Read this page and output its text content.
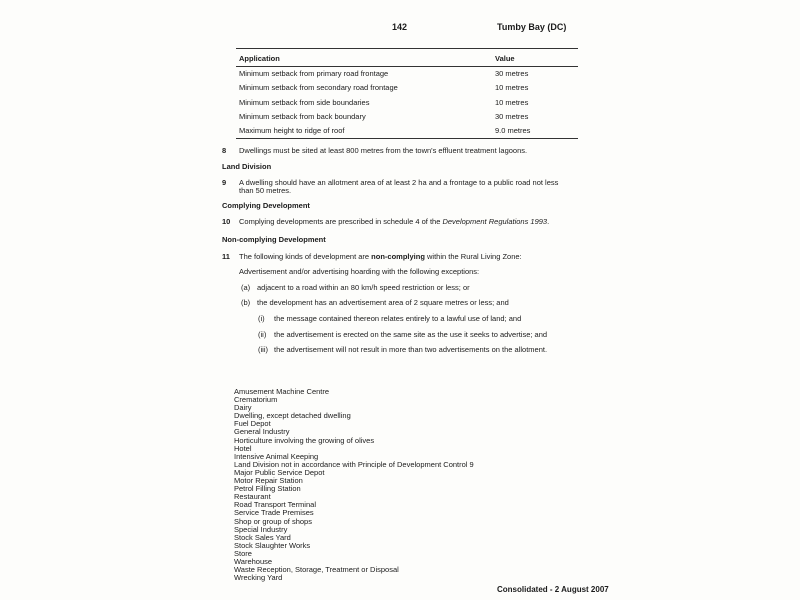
142	Tumby Bay (DC)
Application	Value
Minimum setback from primary road frontage	30 metres
Minimum setback from secondary road frontage	10 metres
Minimum setback from side boundaries	10 metres
Minimum setback from back boundary	30 metres
Maximum height to ridge of roof	9.0 metres
8 Dwellings must be sited at least 800 metres from the town's effluent treatment lagoons.
Land Division
9 A dwelling should have an allotment area of at least 2 ha and a frontage to a public road not less
than 50 metres.
Complying Development
10 Complying developments are prescribed in schedule 4 of the Development Regulations 1993.
Non-complying Development
11 The following kinds of development are non-complying within the Rural Living Zone:
Advertisement and/or advertising hoarding with the following exceptions:
(a) adjacent to a road within an 80 km/h speed restriction or less; or
(b) the development has an advertisement area of 2 square metres or less; and
(i) the message contained thereon relates entirely to a lawful use of land; and
(ii) the advertisement is erected on the same site as the use it seeks to advertise; and
(iii) the advertisement will not result in more than two advertisements on the allotment.
Amusement Machine Centre
Crematorium
Dairy
Dwelling, except detached dwelling
Fuel Depot
General Industry
Horticulture involving the growing of olives
Hotel
Intensive Animal Keeping
Land Division not in accordance with Principle of Development Control 9
Major Public Service Depot
Motor Repair Station
Petrol Filling Station
Restaurant
Road Transport Terminal
Service Trade Premises
Shop or group of shops
Special Industry
Stock Sales Yard
Stock Slaughter Works
Store
Warehouse
Waste Reception, Storage, Treatment or Disposal
Wrecking Yard
Consolidated - 2 August 2007
